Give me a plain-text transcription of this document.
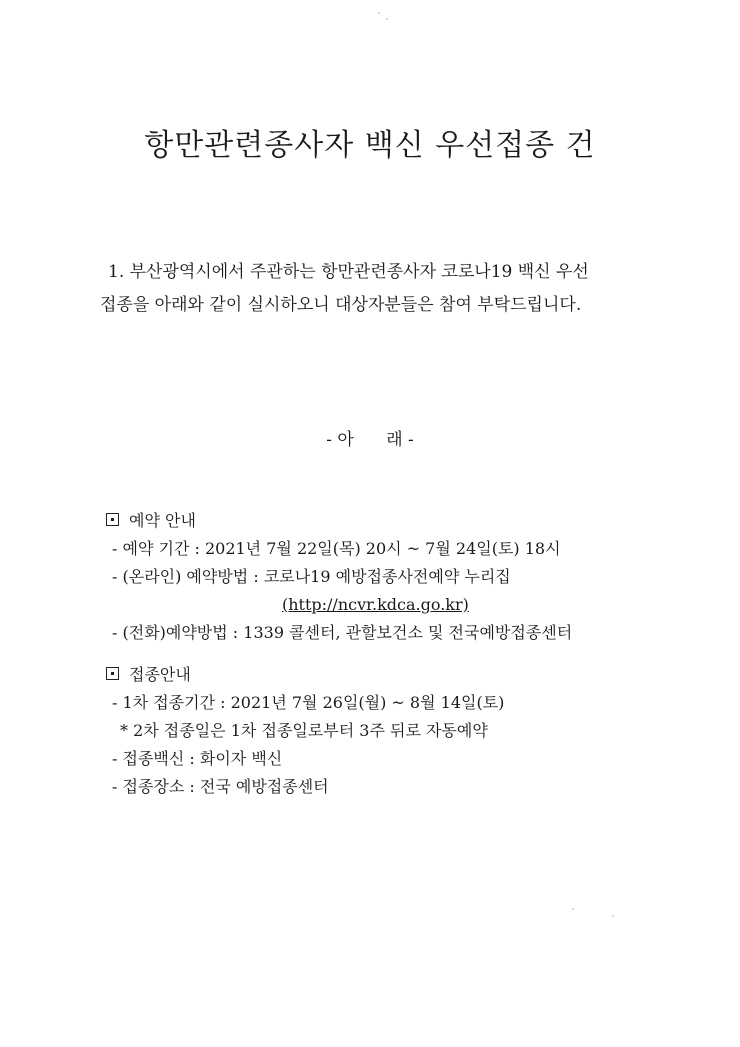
항만관련종사자 백신 우선접종 건
1. 부산광역시에서 주관하는 항만관련종사자 코로나19 백신 우선
접종을 아래와 같이 실시하오니 대상자분들은 참여 부탁드립니다.
- 아      래 -
예약 안내
- 예약 기간 : 2021년 7월 22일(목) 20시 ~ 7월 24일(토) 18시
- (온라인) 예약방법 : 코로나19 예방접종사전예약 누리집
(http://ncvr.kdca.go.kr)
- (전화)예약방법 : 1339 콜센터, 관할보건소 및 전국예방접종센터
접종안내
- 1차 접종기간 : 2021년 7월 26일(월) ~ 8월 14일(토)
* 2차 접종일은 1차 접종일로부터 3주 뒤로 자동예약
- 접종백신 : 화이자 백신
- 접종장소 : 전국 예방접종센터
